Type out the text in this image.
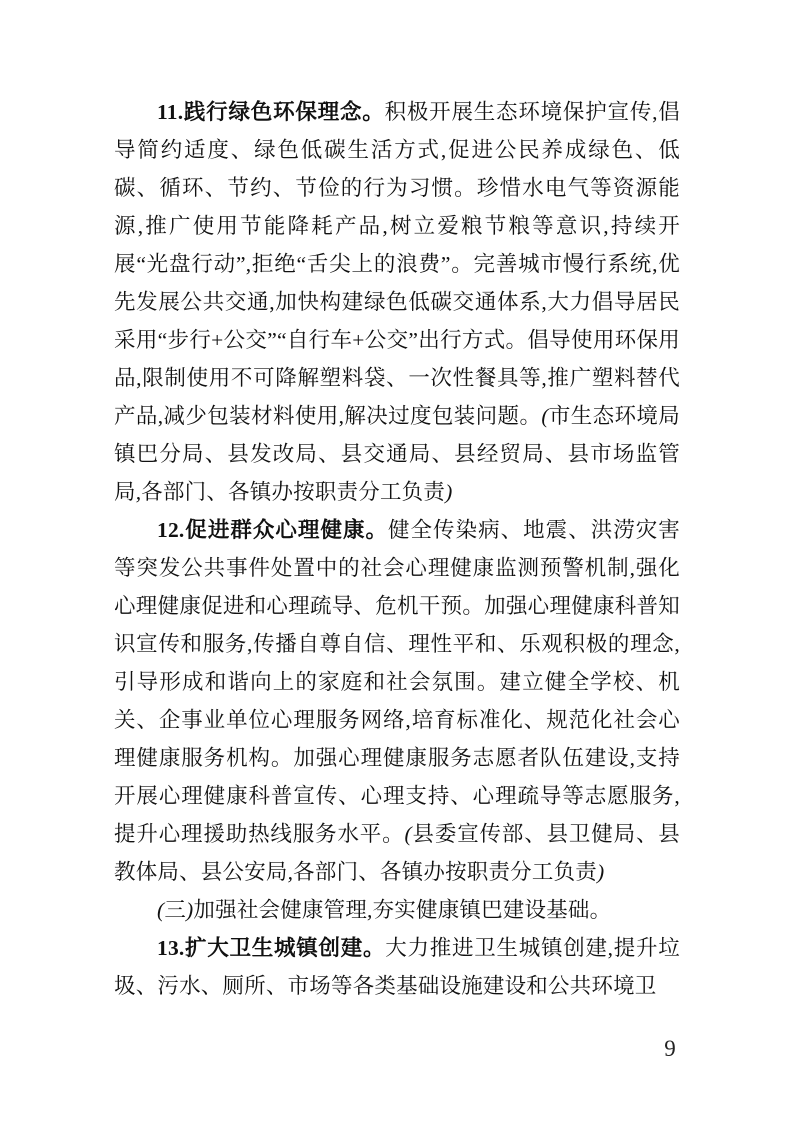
11.践行绿色环保理念。积极开展生态环境保护宣传,倡导简约适度、绿色低碳生活方式,促进公民养成绿色、低碳、循环、节约、节俭的行为习惯。珍惜水电气等资源能源,推广使用节能降耗产品,树立爱粮节粮等意识,持续开展“光盘行动”,拒绝“舌尖上的浪费”。完善城市慢行系统,优先发展公共交通,加快构建绿色低碳交通体系,大力倡导居民采用“步行+公交”“自行车+公交”出行方式。倡导使用环保用品,限制使用不可降解塑料袋、一次性餐具等,推广塑料替代产品,减少包装材料使用,解决过度包装问题。(市生态环境局镇巴分局、县发改局、县交通局、县经贸局、县市场监管局,各部门、各镇办按职责分工负责)

12.促进群众心理健康。健全传染病、地震、洪涝灾害等突发公共事件处置中的社会心理健康监测预警机制,强化心理健康促进和心理疏导、危机干预。加强心理健康科普知识宣传和服务,传播自尊自信、理性平和、乐观积极的理念,引导形成和谐向上的家庭和社会氛围。建立健全学校、机关、企事业单位心理服务网络,培育标准化、规范化社会心理健康服务机构。加强心理健康服务志愿者队伍建设,支持开展心理健康科普宣传、心理支持、心理疏导等志愿服务,提升心理援助热线服务水平。(县委宣传部、县卫健局、县教体局、县公安局,各部门、各镇办按职责分工负责)

(三)加强社会健康管理,夯实健康镇巴建设基础。

13.扩大卫生城镇创建。大力推进卫生城镇创建,提升垃圾、污水、厕所、市场等各类基础设施建设和公共环境卫

9
